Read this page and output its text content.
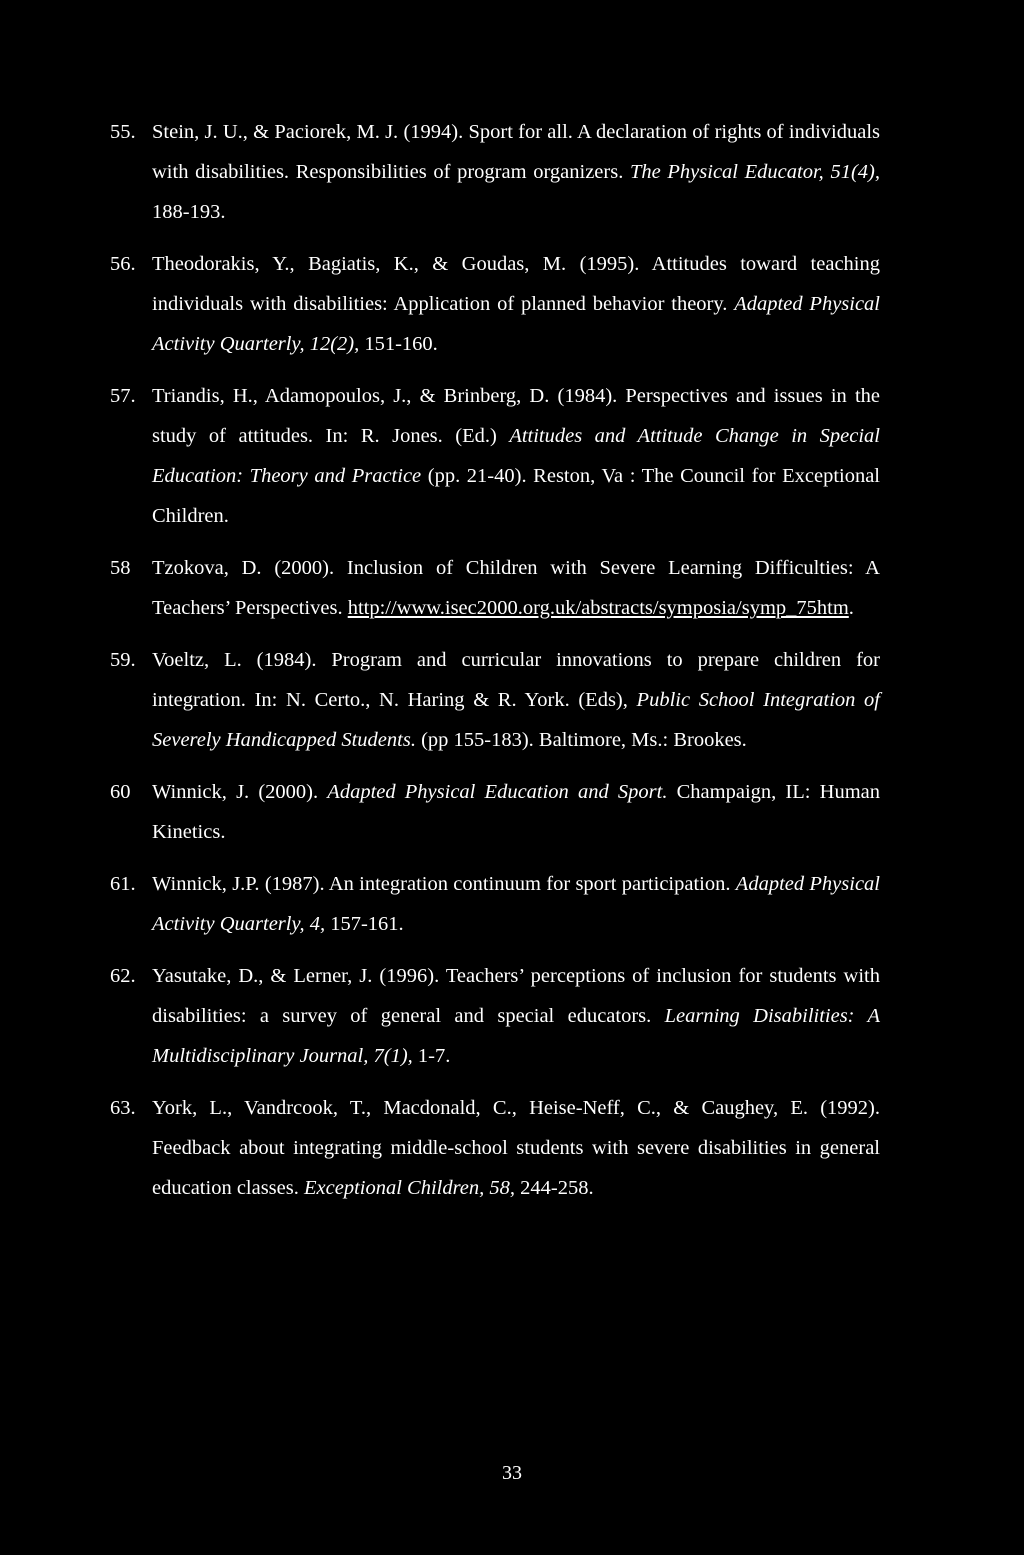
55. Stein, J. U., & Paciorek, M. J. (1994). Sport for all. A declaration of rights of individuals with disabilities. Responsibilities of program organizers. The Physical Educator, 51(4), 188-193.
56. Theodorakis, Y., Bagiatis, K., & Goudas, M. (1995). Attitudes toward teaching individuals with disabilities: Application of planned behavior theory. Adapted Physical Activity Quarterly, 12(2), 151-160.
57. Triandis, H., Adamopoulos, J., & Brinberg, D. (1984). Perspectives and issues in the study of attitudes. In: R. Jones. (Ed.) Attitudes and Attitude Change in Special Education: Theory and Practice (pp. 21-40). Reston, Va : The Council for Exceptional Children.
58	Tzokova, D. (2000). Inclusion of Children with Severe Learning Difficulties: A Teachers’ Perspectives. http://www.isec2000.org.uk/abstracts/symposia/symp_75htm.
59. Voeltz, L. (1984). Program and curricular innovations to prepare children for integration. In: N. Certo., N. Haring & R. York. (Eds), Public School Integration of Severely Handicapped Students. (pp 155-183). Baltimore, Ms.: Brookes.
60	Winnick, J. (2000). Adapted Physical Education and Sport. Champaign, IL: Human Kinetics.
61. Winnick, J.P. (1987). An integration continuum for sport participation. Adapted Physical Activity Quarterly, 4, 157-161.
62. Yasutake, D., & Lerner, J. (1996). Teachers’ perceptions of inclusion for students with disabilities: a survey of general and special educators. Learning Disabilities: A Multidisciplinary Journal, 7(1), 1-7.
63. York, L., Vandrcook, T., Macdonald, C., Heise-Neff, C., & Caughey, E. (1992). Feedback about integrating middle-school students with severe disabilities in general education classes. Exceptional Children, 58, 244-258.
33
